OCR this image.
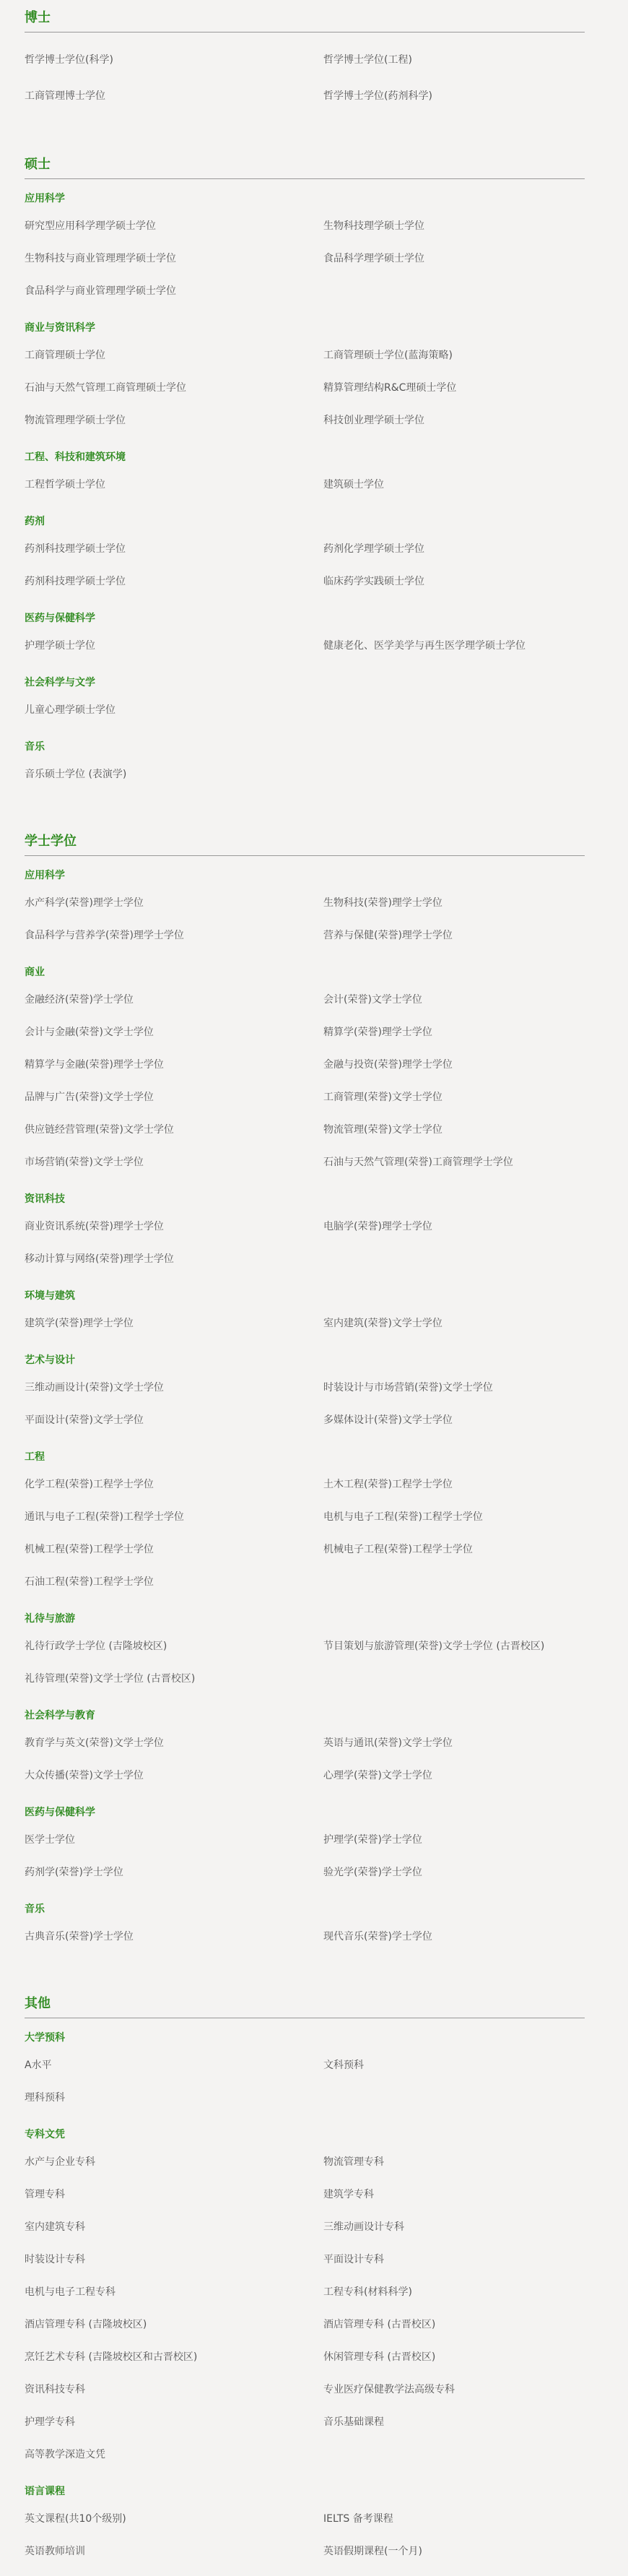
博士
哲学博士学位(科学)	哲学博士学位(工程)
工商管理博士学位	哲学博士学位(药剂科学)
硕士
应用科学
研究型应用科学理学硕士学位	生物科技理学硕士学位
生物科技与商业管理理学硕士学位	食品科学理学硕士学位
食品科学与商业管理理学硕士学位
商业与资讯科学
工商管理硕士学位	工商管理硕士学位(蓝海策略)
石油与天然气管理工商管理硕士学位	精算管理结构R&C理硕士学位
物流管理理学硕士学位	科技创业理学硕士学位
工程、科技和建筑环境
工程哲学硕士学位	建筑硕士学位
药剂
药剂科技理学硕士学位	药剂化学理学硕士学位
药剂科技理学硕士学位	临床药学实践硕士学位
医药与保健科学
护理学硕士学位	健康老化、医学美学与再生医学理学硕士学位
社会科学与文学
儿童心理学硕士学位
音乐
音乐硕士学位 (表演学)
学士学位
应用科学
水产科学(荣誉)理学士学位	生物科技(荣誉)理学士学位
食品科学与营养学(荣誉)理学士学位	营养与保健(荣誉)理学士学位
商业
金融经济(荣誉)学士学位	会计(荣誉)文学士学位
会计与金融(荣誉)文学士学位	精算学(荣誉)理学士学位
精算学与金融(荣誉)理学士学位	金融与投资(荣誉)理学士学位
品牌与广告(荣誉)文学士学位	工商管理(荣誉)文学士学位
供应链经营管理(荣誉)文学士学位	物流管理(荣誉)文学士学位
市场营销(荣誉)文学士学位	石油与天然气管理(荣誉)工商管理学士学位
资讯科技
商业资讯系统(荣誉)理学士学位	电脑学(荣誉)理学士学位
移动计算与网络(荣誉)理学士学位
环境与建筑
建筑学(荣誉)理学士学位	室内建筑(荣誉)文学士学位
艺术与设计
三维动画设计(荣誉)文学士学位	时装设计与市场营销(荣誉)文学士学位
平面设计(荣誉)文学士学位	多媒体设计(荣誉)文学士学位
工程
化学工程(荣誉)工程学士学位	土木工程(荣誉)工程学士学位
通讯与电子工程(荣誉)工程学士学位	电机与电子工程(荣誉)工程学士学位
机械工程(荣誉)工程学士学位	机械电子工程(荣誉)工程学士学位
石油工程(荣誉)工程学士学位
礼待与旅游
礼待行政学士学位 (吉隆坡校区)	节目策划与旅游管理(荣誉)文学士学位 (古晋校区)
礼待管理(荣誉)文学士学位 (古晋校区)
社会科学与教育
教育学与英文(荣誉)文学士学位	英语与通讯(荣誉)文学士学位
大众传播(荣誉)文学士学位	心理学(荣誉)文学士学位
医药与保健科学
医学士学位	护理学(荣誉)学士学位
药剂学(荣誉)学士学位	验光学(荣誉)学士学位
音乐
古典音乐(荣誉)学士学位	现代音乐(荣誉)学士学位
其他
大学预科
A水平	文科预科
理科预科
专科文凭
水产与企业专科	物流管理专科
管理专科	建筑学专科
室内建筑专科	三维动画设计专科
时装设计专科	平面设计专科
电机与电子工程专科	工程专科(材料科学)
酒店管理专科 (吉隆坡校区)	酒店管理专科 (古晋校区)
烹饪艺术专科 (吉隆坡校区和古晋校区)	休闲管理专科 (古晋校区)
资讯科技专科	专业医疗保健教学法高级专科
护理学专科	音乐基础课程
高等教学深造文凭
语言课程
英文课程(共10个级别)	IELTS 备考课程
英语教师培训	英语假期课程(一个月)
